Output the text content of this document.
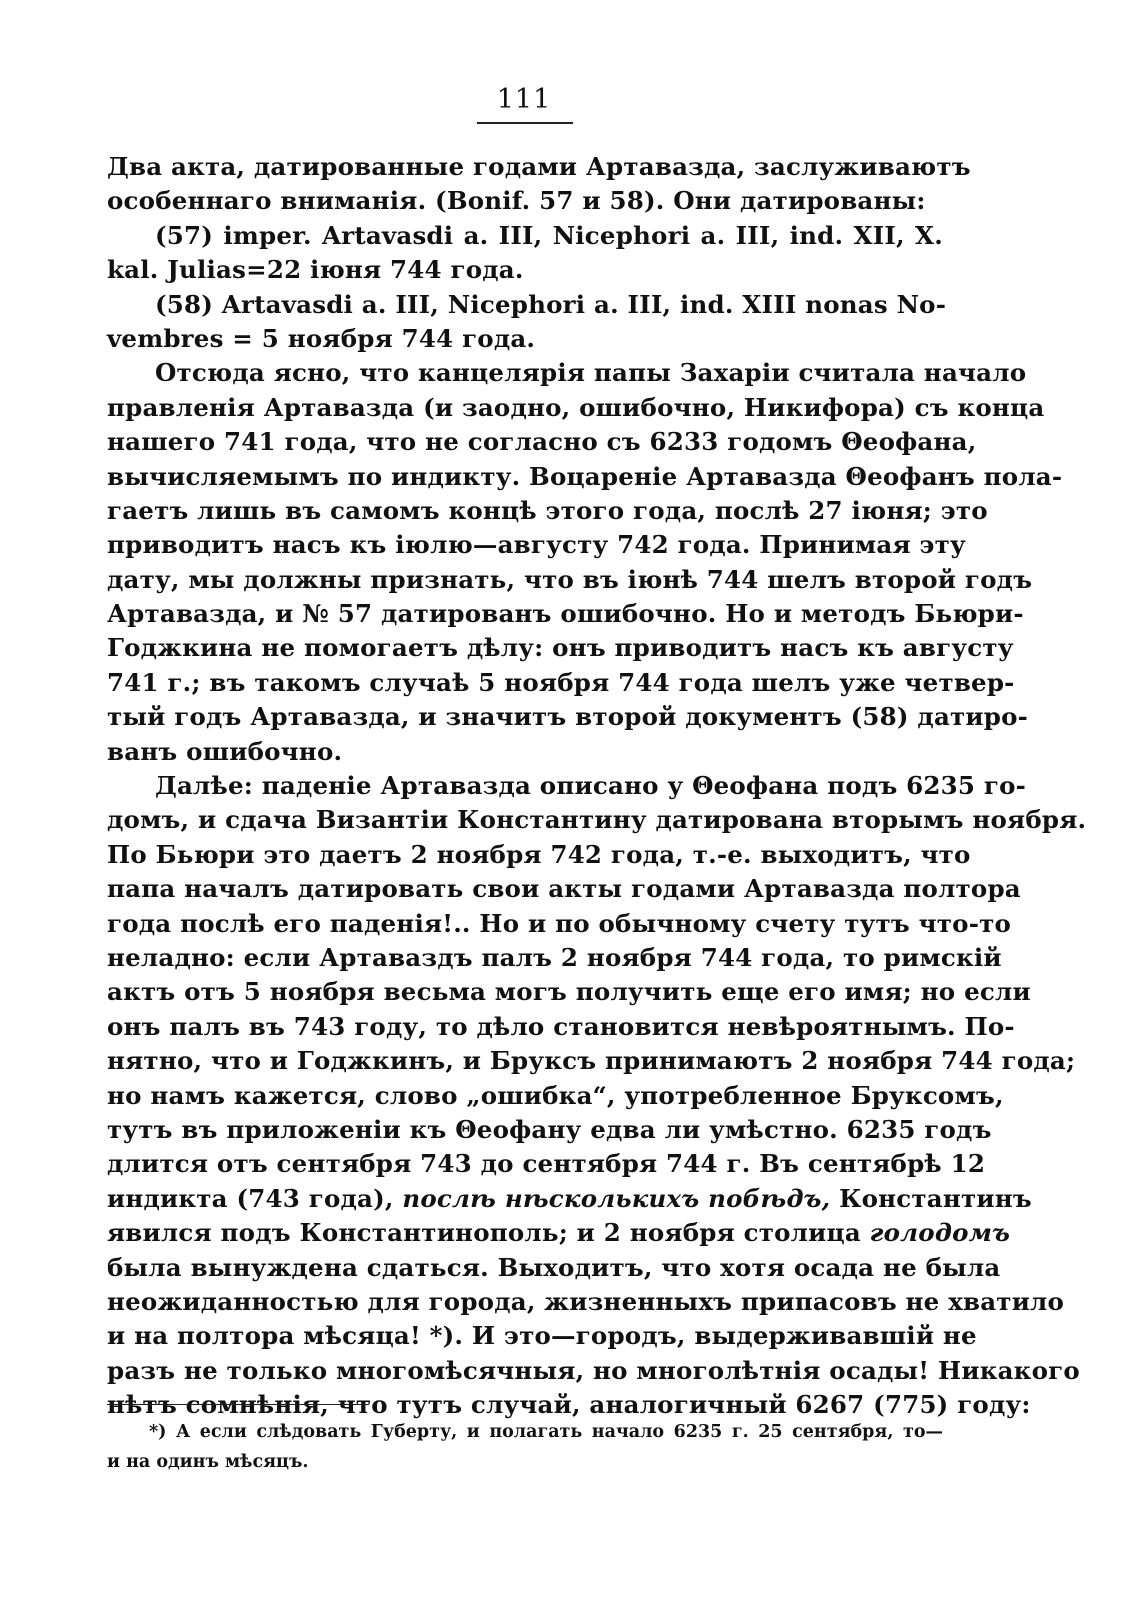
111
Два акта, датированные годами Артавазда, заслуживаютъ
особеннаго вниманія. (Bonif. 57 и 58). Они датированы:
(57) imper. Artavasdi a. III, Nicephori a. III, ind. XII, X.
kal. Julias=22 іюня 744 года.
(58) Artavasdi a. III, Nicephori a. III, ind. XIII nonas No-
vembres = 5 ноября 744 года.
Отсюда ясно, что канцелярія папы Захаріи считала начало
правленія Артавазда (и заодно, ошибочно, Никифора) съ конца
нашего 741 года, что не согласно съ 6233 годомъ Θеофана,
вычисляемымъ по индикту. Воцареніе Артавазда Θеофанъ пола-
гаетъ лишь въ самомъ концѣ этого года, послѣ 27 іюня; это
приводитъ насъ къ іюлю—августу 742 года. Принимая эту
дату, мы должны признать, что въ іюнѣ 744 шелъ второй годъ
Артавазда, и № 57 датированъ ошибочно. Но и методъ Бьюри-
Годжкина не помогаетъ дѣлу: онъ приводитъ насъ къ августу
741 г.; въ такомъ случаѣ 5 ноября 744 года шелъ уже четвер-
тый годъ Артавазда, и значитъ второй документъ (58) датиро-
ванъ ошибочно.
Далѣе: паденіе Артавазда описано у Θеофана подъ 6235 го-
домъ, и сдача Византіи Константину датирована вторымъ ноября.
По Бьюри это даетъ 2 ноября 742 года, т.-е. выходитъ, что
папа началъ датировать свои акты годами Артавазда полтора
года послѣ его паденія!.. Но и по обычному счету тутъ что-то
неладно: если Артаваздъ палъ 2 ноября 744 года, то римскій
актъ отъ 5 ноября весьма могъ получить еще его имя; но если
онъ палъ въ 743 году, то дѣло становится невѣроятнымъ. По-
нятно, что и Годжкинъ, и Бруксъ принимаютъ 2 ноября 744 года;
но намъ кажется, слово „ошибка“, употребленное Бруксомъ,
тутъ въ приложеніи къ Θеофану едва ли умѣстно. 6235 годъ
длится отъ сентября 743 до сентября 744 г. Въ сентябрѣ 12
индикта (743 года), послѣ нѣсколькихъ побѣдъ, Константинъ
явился подъ Константинополь; и 2 ноября столица голодомъ
была вынуждена сдаться. Выходитъ, что хотя осада не была
неожиданностью для города, жизненныхъ припасовъ не хватило
и на полтора мѣсяца! *). И это—городъ, выдерживавшій не
разъ не только многомѣсячныя, но многолѣтнія осады! Никакого
нѣтъ сомнѣнія, что тутъ случай, аналогичный 6267 (775) году:
*) А если слѣдовать Губерту, и полагать начало 6235 г. 25 сентября, то—
и на одинъ мѣсяцъ.
